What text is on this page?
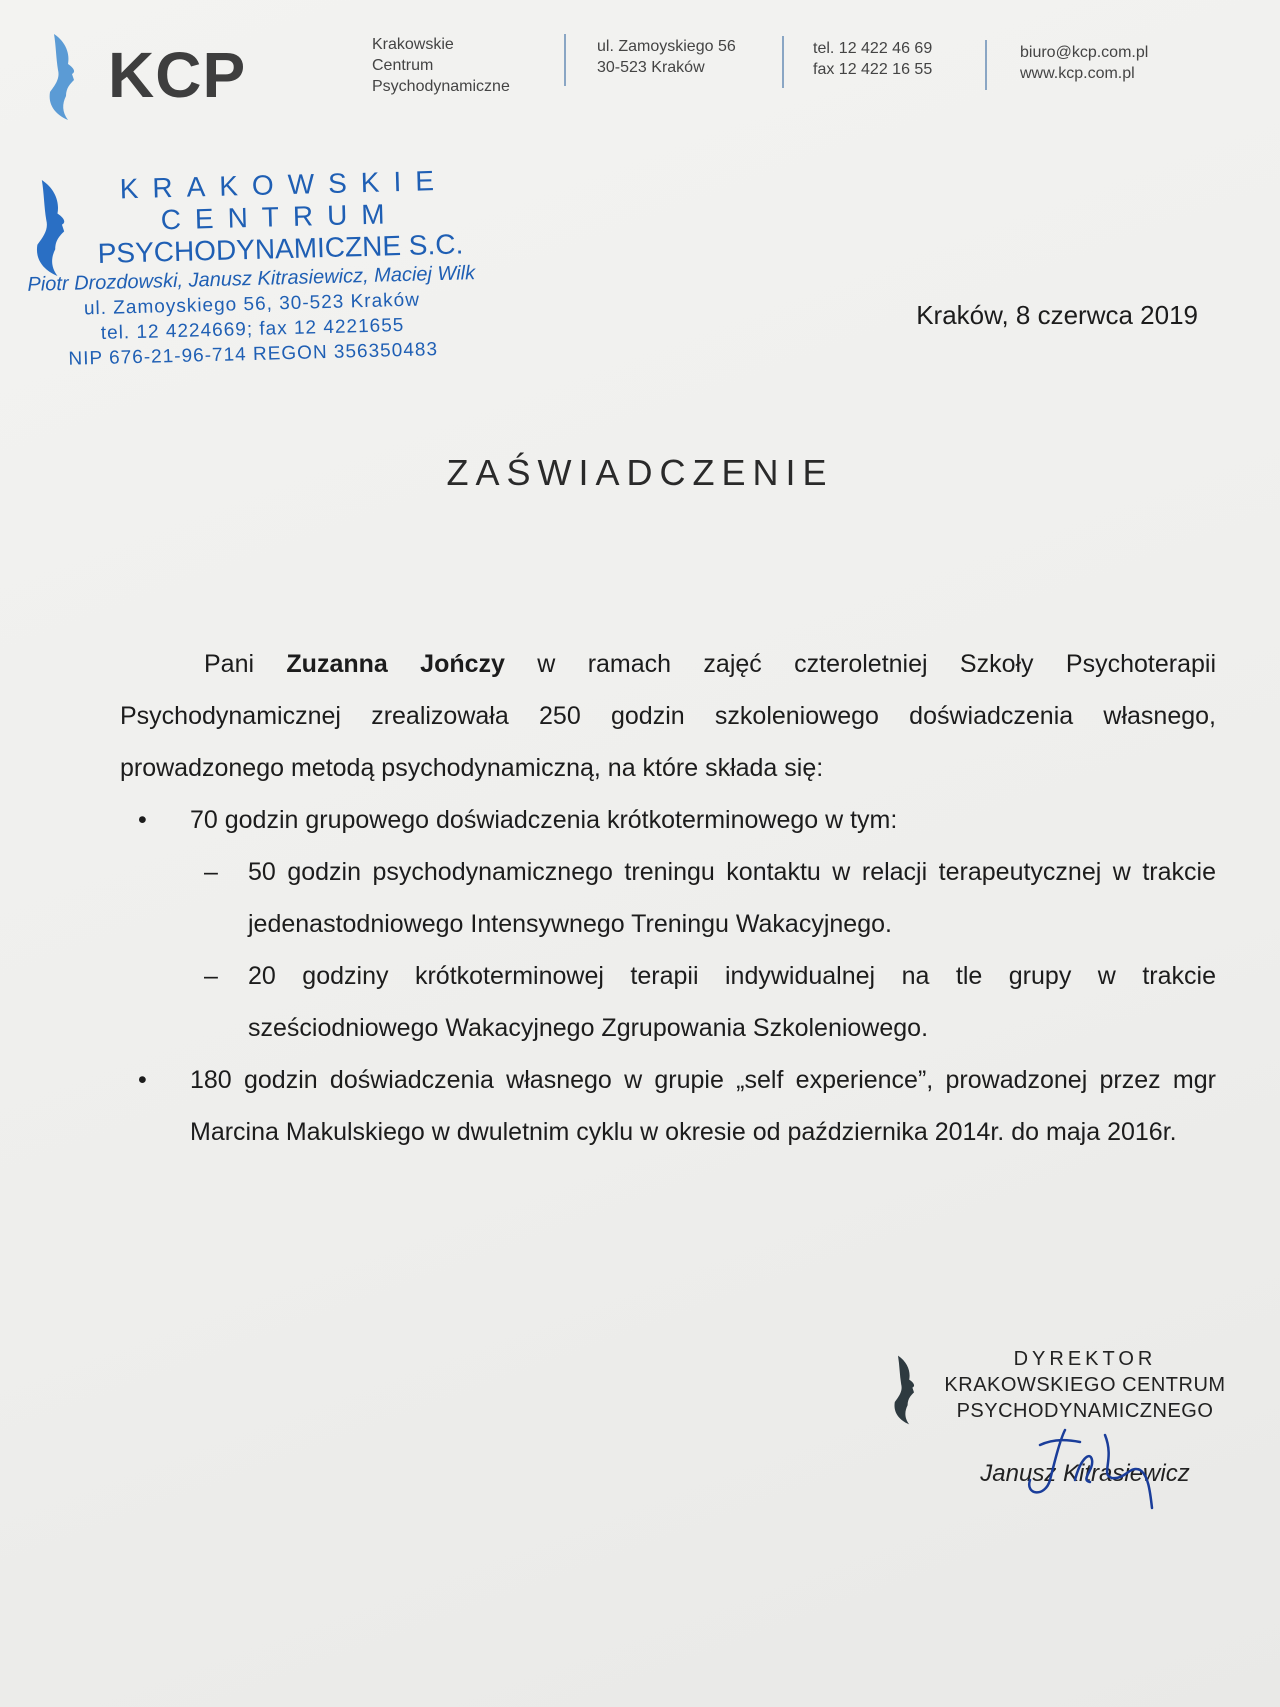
KCP	Krakowskie
Centrum
Psychodynamiczne
ul. Zamoyskiego 56
30-523 Kraków
tel. 12 422 46 69
fax 12 422 16 55
biuro@kcp.com.pl
www.kcp.com.pl
KRAKOWSKIE
CENTRUM
PSYCHODYNAMICZNE S.C.
Piotr Drozdowski, Janusz Kitrasiewicz, Maciej Wilk
ul. Zamoyskiego 56, 30-523 Kraków
tel. 12 4224669; fax 12 4221655
NIP 676-21-96-714 REGON 356350483
Kraków, 8 czerwca 2019
ZAŚWIADCZENIE
Pani Zuzanna Jończy w ramach zajęć czteroletniej Szkoły Psychoterapii Psychodynamicznej zrealizowała 250 godzin szkoleniowego doświadczenia własnego, prowadzonego metodą psychodynamiczną, na które składa się:
• 70 godzin grupowego doświadczenia krótkoterminowego w tym:
– 50 godzin psychodynamicznego treningu kontaktu w relacji terapeutycznej w trakcie jedenastodniowego Intensywnego Treningu Wakacyjnego.
– 20 godziny krótkoterminowej terapii indywidualnej na tle grupy w trakcie sześciodniowego Wakacyjnego Zgrupowania Szkoleniowego.
• 180 godzin doświadczenia własnego w grupie „self experience”, prowadzonej przez mgr Marcina Makulskiego w dwuletnim cyklu w okresie od października 2014r. do maja 2016r.
DYREKTOR
KRAKOWSKIEGO CENTRUM
PSYCHODYNAMICZNEGO
Janusz Kitrasiewicz
